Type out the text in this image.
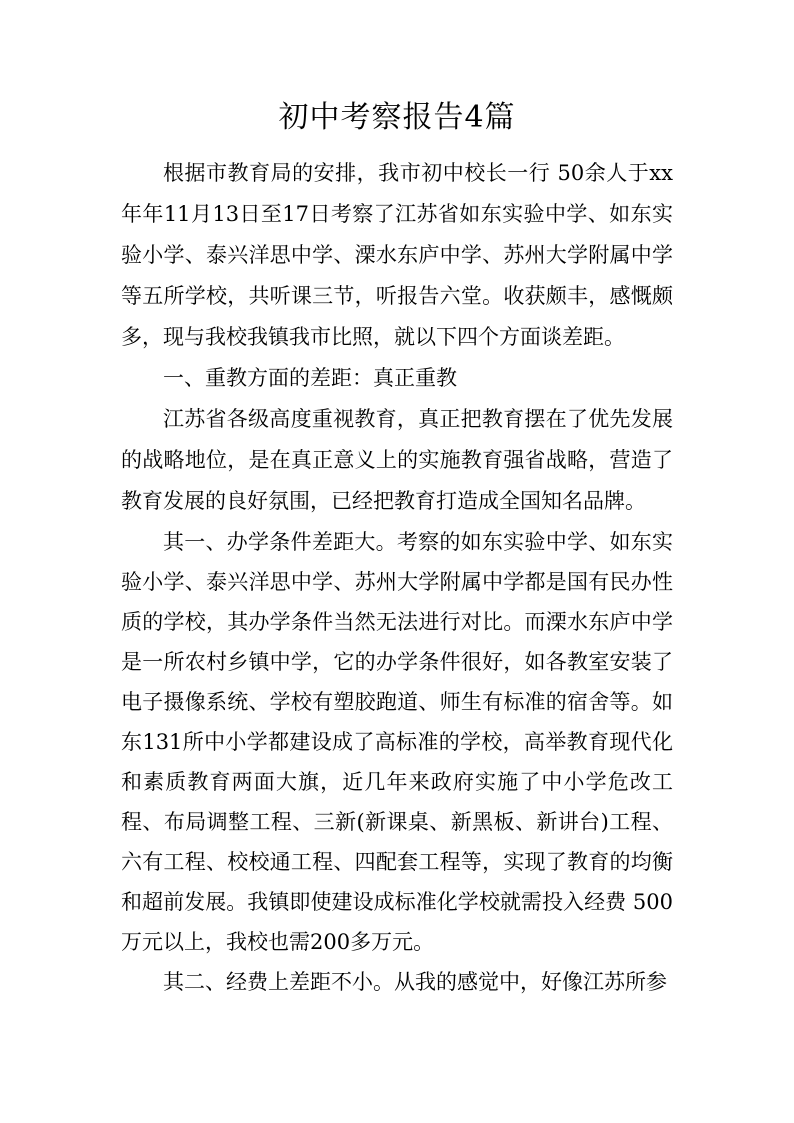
初中考察报告4篇

根据市教育局的安排，我市初中校长一行 50余人于xx年年11月13日至17日考察了江苏省如东实验中学、如东实验小学、泰兴洋思中学、溧水东庐中学、苏州大学附属中学等五所学校，共听课三节，听报告六堂。收获颇丰，感慨颇多，现与我校我镇我市比照，就以下四个方面谈差距。

一、重教方面的差距：真正重教

江苏省各级高度重视教育，真正把教育摆在了优先发展的战略地位，是在真正意义上的实施教育强省战略，营造了教育发展的良好氛围，已经把教育打造成全国知名品牌。

其一、办学条件差距大。考察的如东实验中学、如东实验小学、泰兴洋思中学、苏州大学附属中学都是国有民办性质的学校，其办学条件当然无法进行对比。而溧水东庐中学是一所农村乡镇中学，它的办学条件很好，如各教室安装了电子摄像系统、学校有塑胶跑道、师生有标准的宿舍等。如东131所中小学都建设成了高标准的学校，高举教育现代化和素质教育两面大旗，近几年来政府实施了中小学危改工程、布局调整工程、三新(新课桌、新黑板、新讲台)工程、六有工程、校校通工程、四配套工程等，实现了教育的均衡和超前发展。我镇即使建设成标准化学校就需投入经费 500万元以上，我校也需200多万元。

其二、经费上差距不小。从我的感觉中，好像江苏所参
